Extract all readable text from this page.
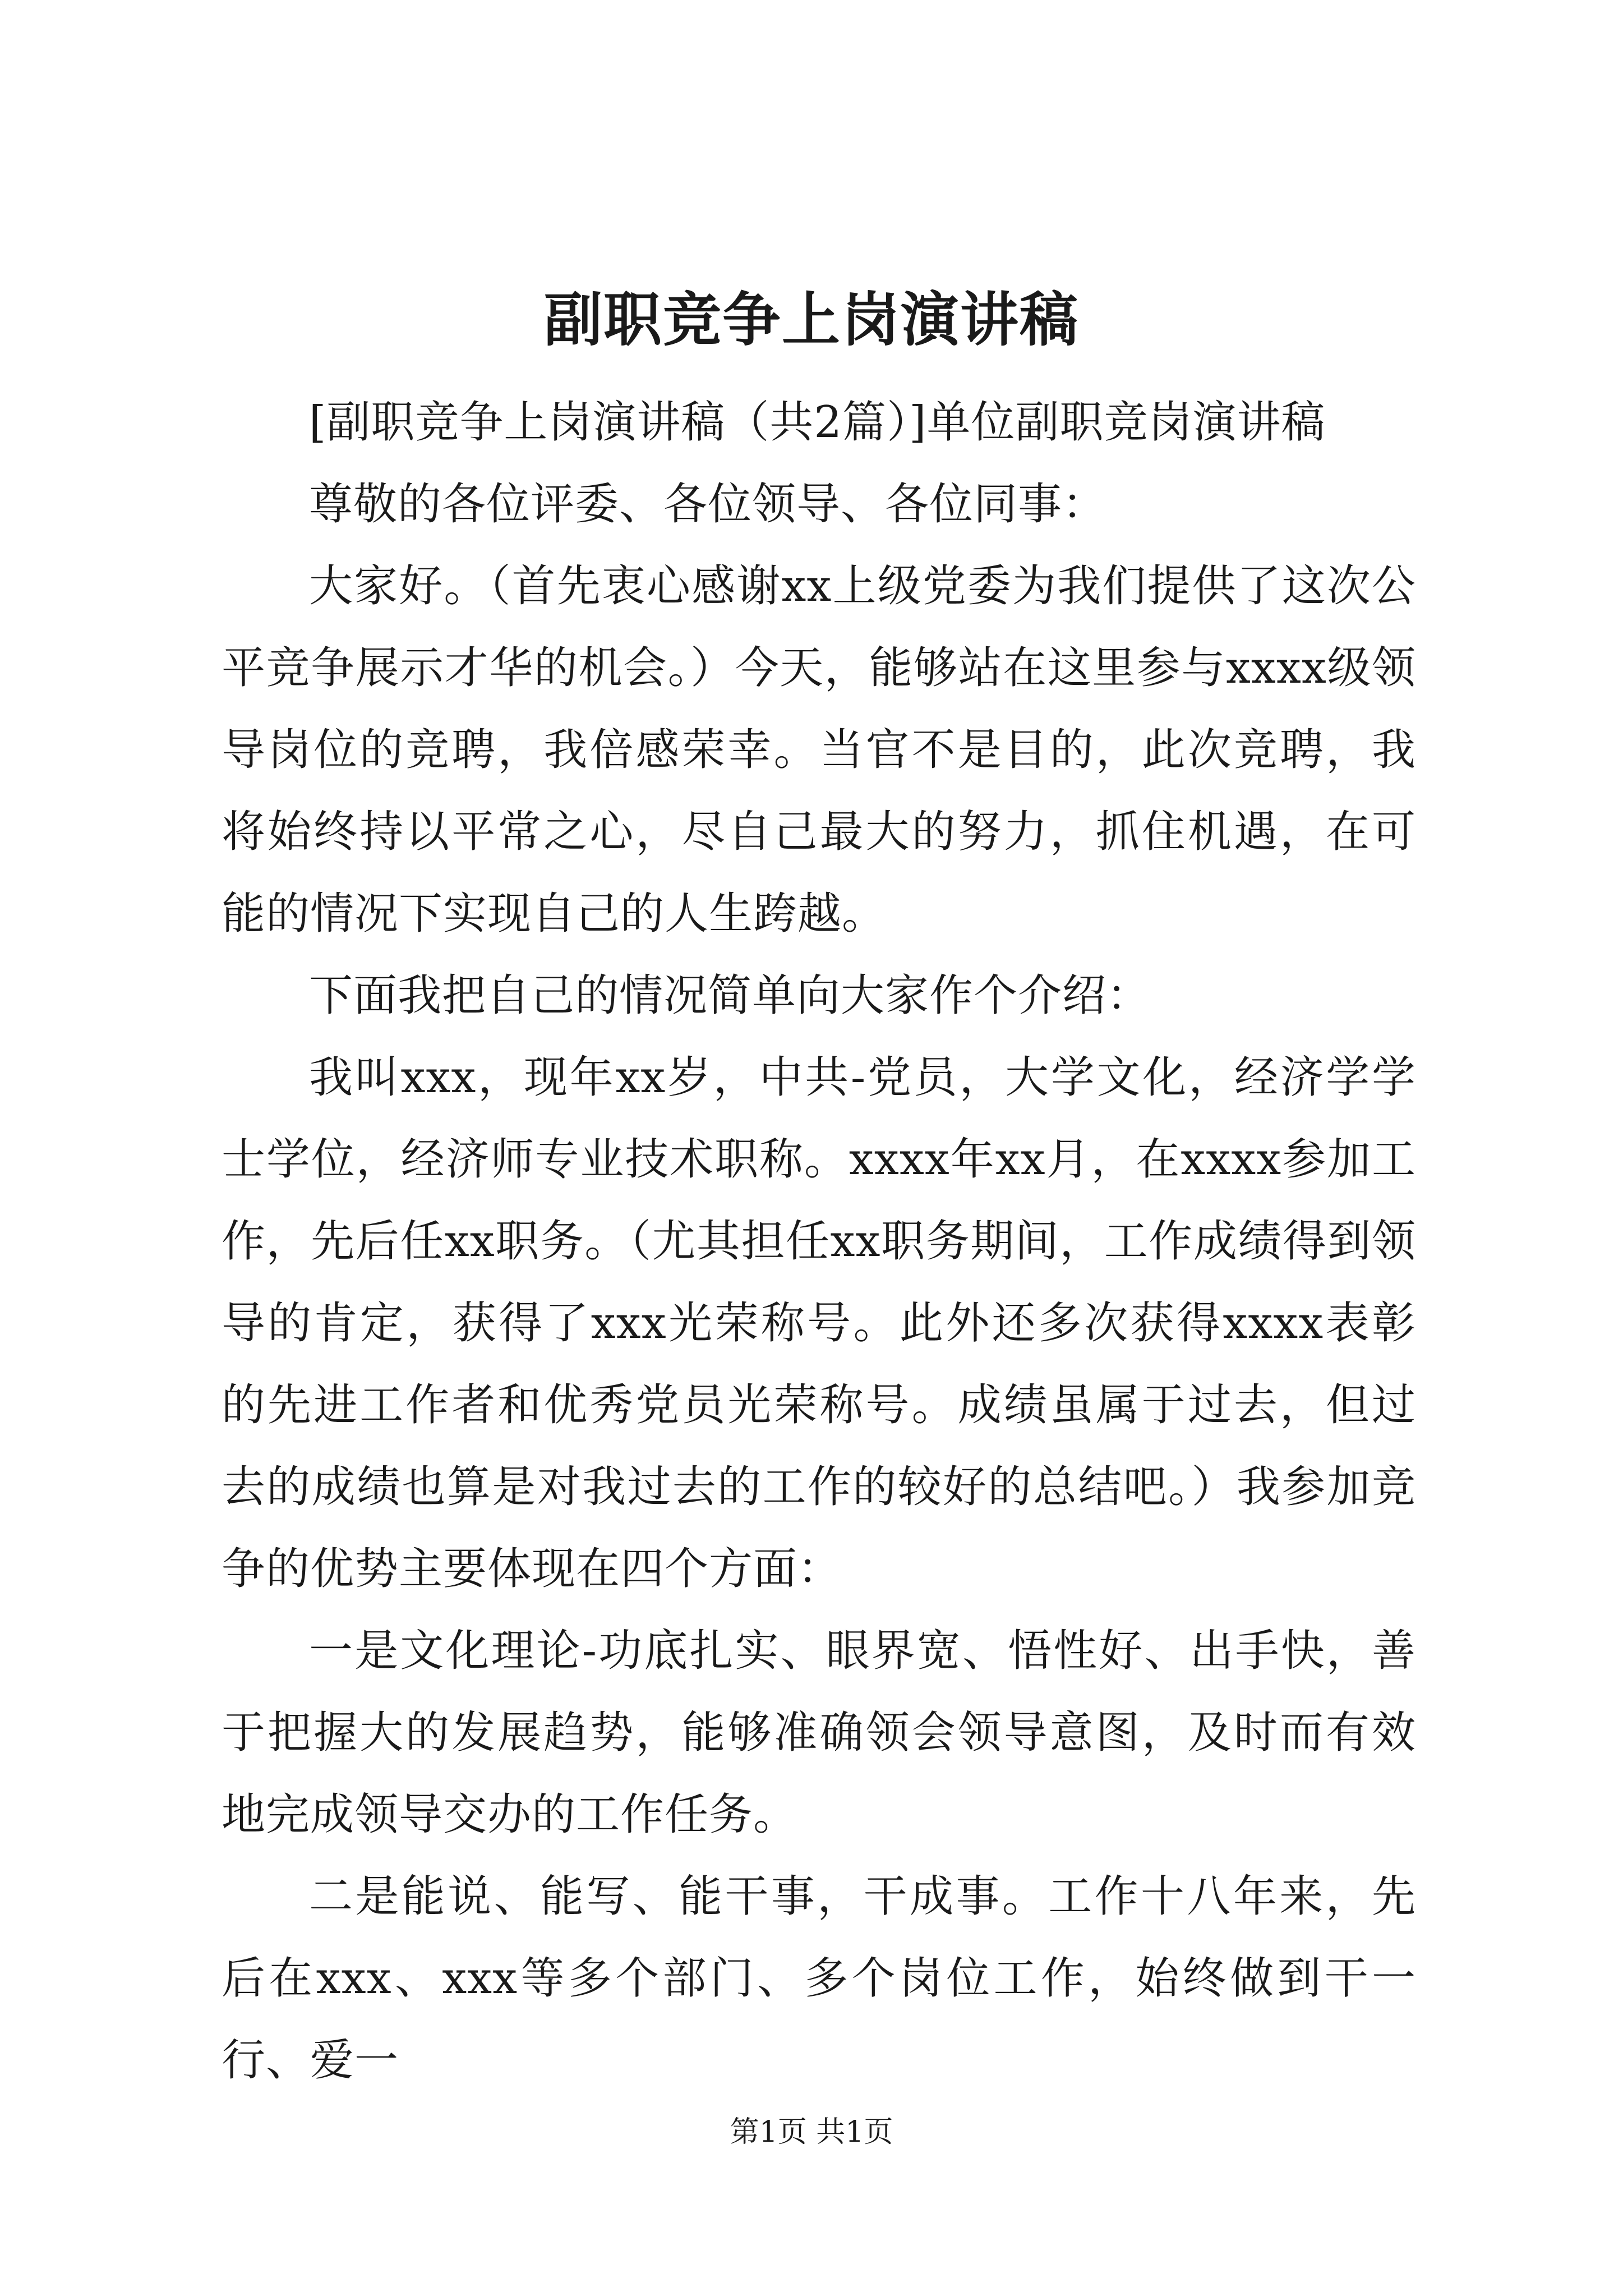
副职竞争上岗演讲稿

[副职竞争上岗演讲稿（共2篇）]单位副职竞岗演讲稿

尊敬的各位评委、各位领导、各位同事：

大家好。（首先衷心感谢xx上级党委为我们提供了这次公平竞争展示才华的机会。）今天，能够站在这里参与xxxx级领导岗位的竞聘，我倍感荣幸。当官不是目的，此次竞聘，我将始终持以平常之心，尽自己最大的努力，抓住机遇，在可能的情况下实现自己的人生跨越。

下面我把自己的情况简单向大家作个介绍：

我叫xxx，现年xx岁，中共-党员，大学文化，经济学学士学位，经济师专业技术职称。xxxx年xx月，在xxxx参加工作，先后任xx职务。（尤其担任xx职务期间，工作成绩得到领导的肯定，获得了xxx光荣称号。此外还多次获得xxxx表彰的先进工作者和优秀党员光荣称号。成绩虽属于过去，但过去的成绩也算是对我过去的工作的较好的总结吧。）我参加竞争的优势主要体现在四个方面：

一是文化理论-功底扎实、眼界宽、悟性好、出手快，善于把握大的发展趋势，能够准确领会领导意图，及时而有效地完成领导交办的工作任务。

二是能说、能写、能干事，干成事。工作十八年来，先后在xxx、xxx等多个部门、多个岗位工作，始终做到干一行、爱一

第1页 共1页
